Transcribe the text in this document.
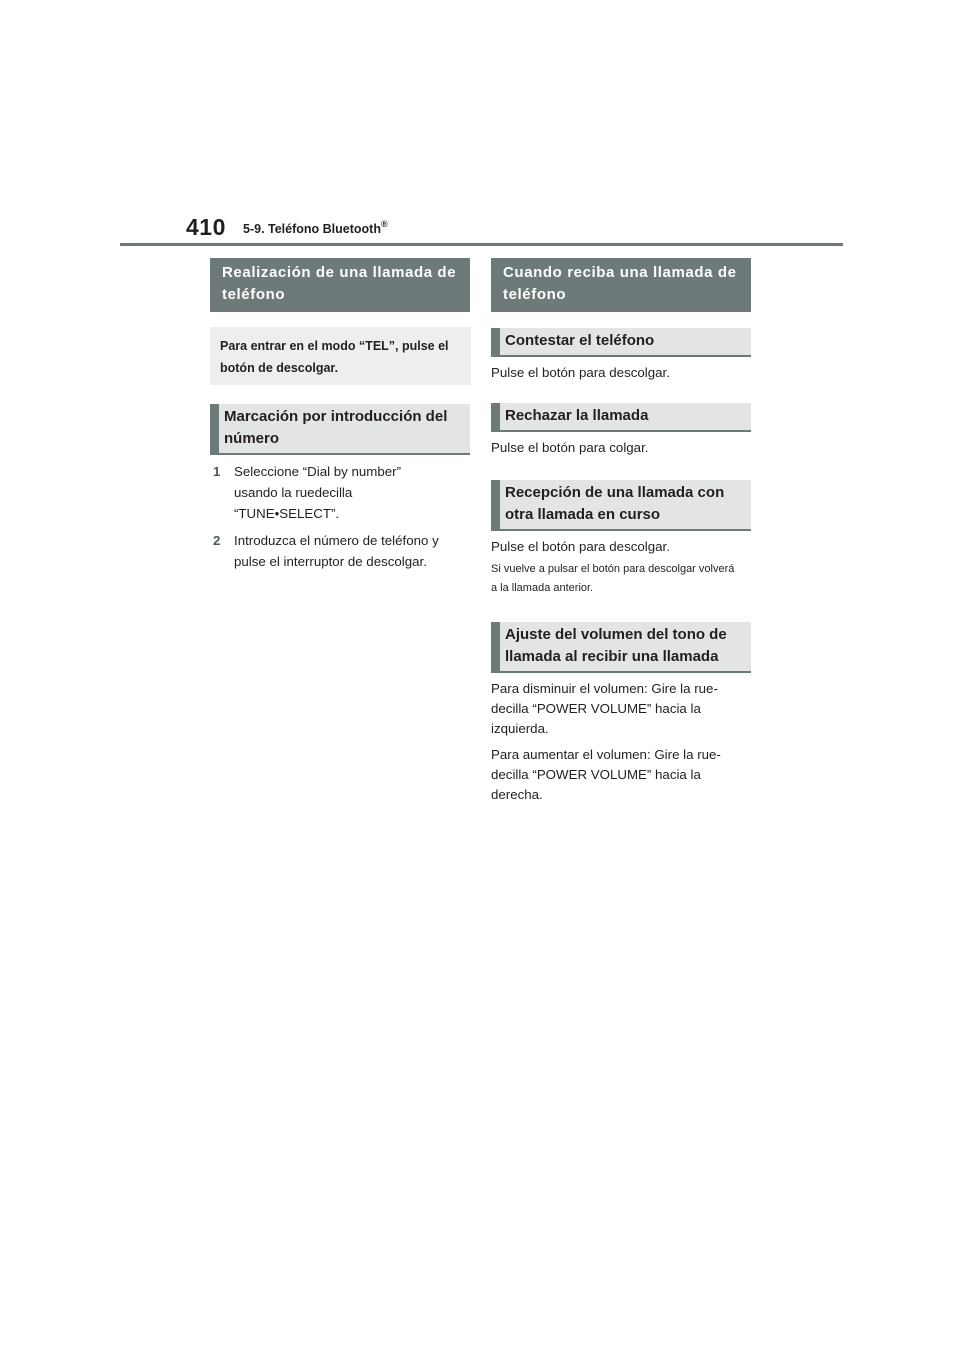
410 5-9. Teléfono Bluetooth®
Realización de una llamada de teléfono
Para entrar en el modo “TEL”, pulse el botón de descolgar.
Marcación por introducción del número
1	Seleccione “Dial by number” usando la ruedecilla “TUNE•SELECT”.
2	Introduzca el número de teléfono y pulse el interruptor de descolgar.
Cuando reciba una llamada de teléfono
Contestar el teléfono
Pulse el botón para descolgar.
Rechazar la llamada
Pulse el botón para colgar.
Recepción de una llamada con otra llamada en curso
Pulse el botón para descolgar.
Si vuelve a pulsar el botón para descolgar volverá a la llamada anterior.
Ajuste del volumen del tono de llamada al recibir una llamada
Para disminuir el volumen: Gire la rue-decilla “POWER VOLUME” hacia la izquierda.
Para aumentar el volumen: Gire la rue-decilla “POWER VOLUME” hacia la derecha.
